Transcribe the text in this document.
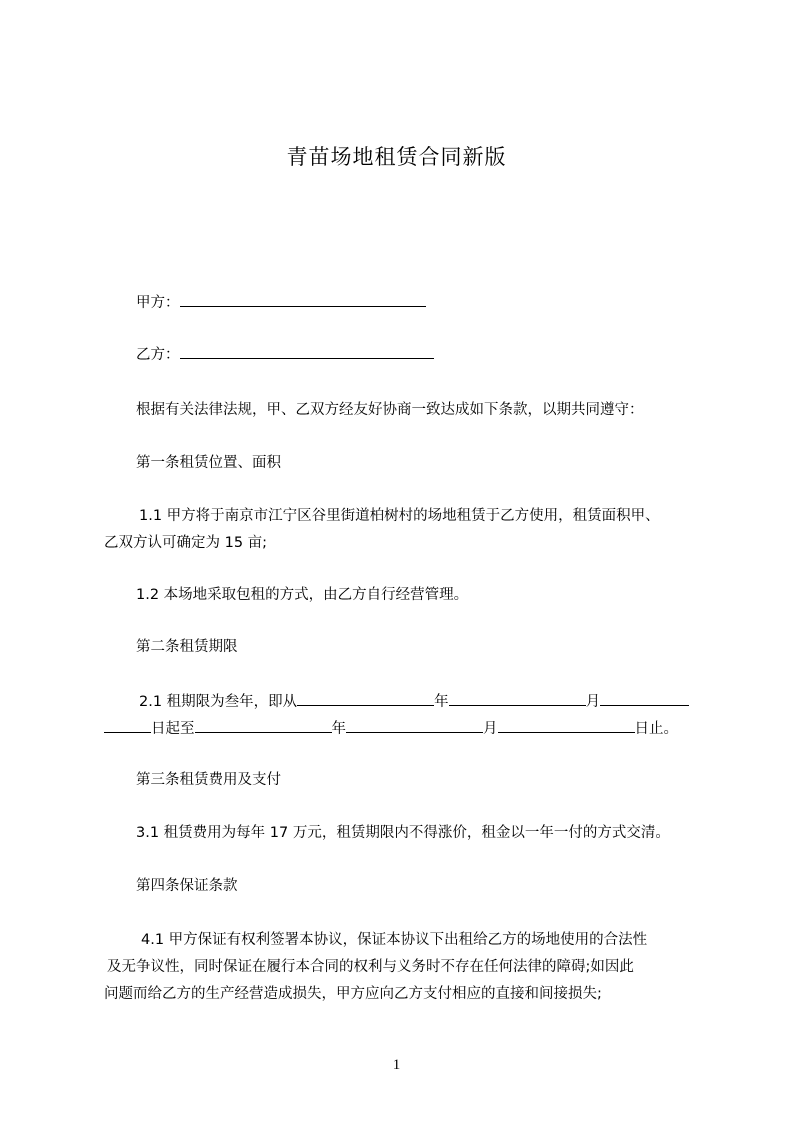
青苗场地租赁合同新版
甲方：
乙方：
根据有关法律法规，甲、乙双方经友好协商一致达成如下条款，以期共同遵守：
第一条租赁位置、面积
1.1 甲方将于南京市江宁区谷里街道柏树村的场地租赁于乙方使用，租赁面积甲、
乙双方认可确定为 15 亩;
1.2 本场地采取包租的方式，由乙方自行经营管理。
第二条租赁期限
2.1 租期限为叁年，即从	年	月
日起至	年	月	日止。
第三条租赁费用及支付
3.1 租赁费用为每年 17 万元，租赁期限内不得涨价，租金以一年一付的方式交清。
第四条保证条款
4.1 甲方保证有权利签署本协议，保证本协议下出租给乙方的场地使用的合法性
及无争议性，同时保证在履行本合同的权利与义务时不存在任何法律的障碍;如因此
问题而给乙方的生产经营造成损失，甲方应向乙方支付相应的直接和间接损失;
1
